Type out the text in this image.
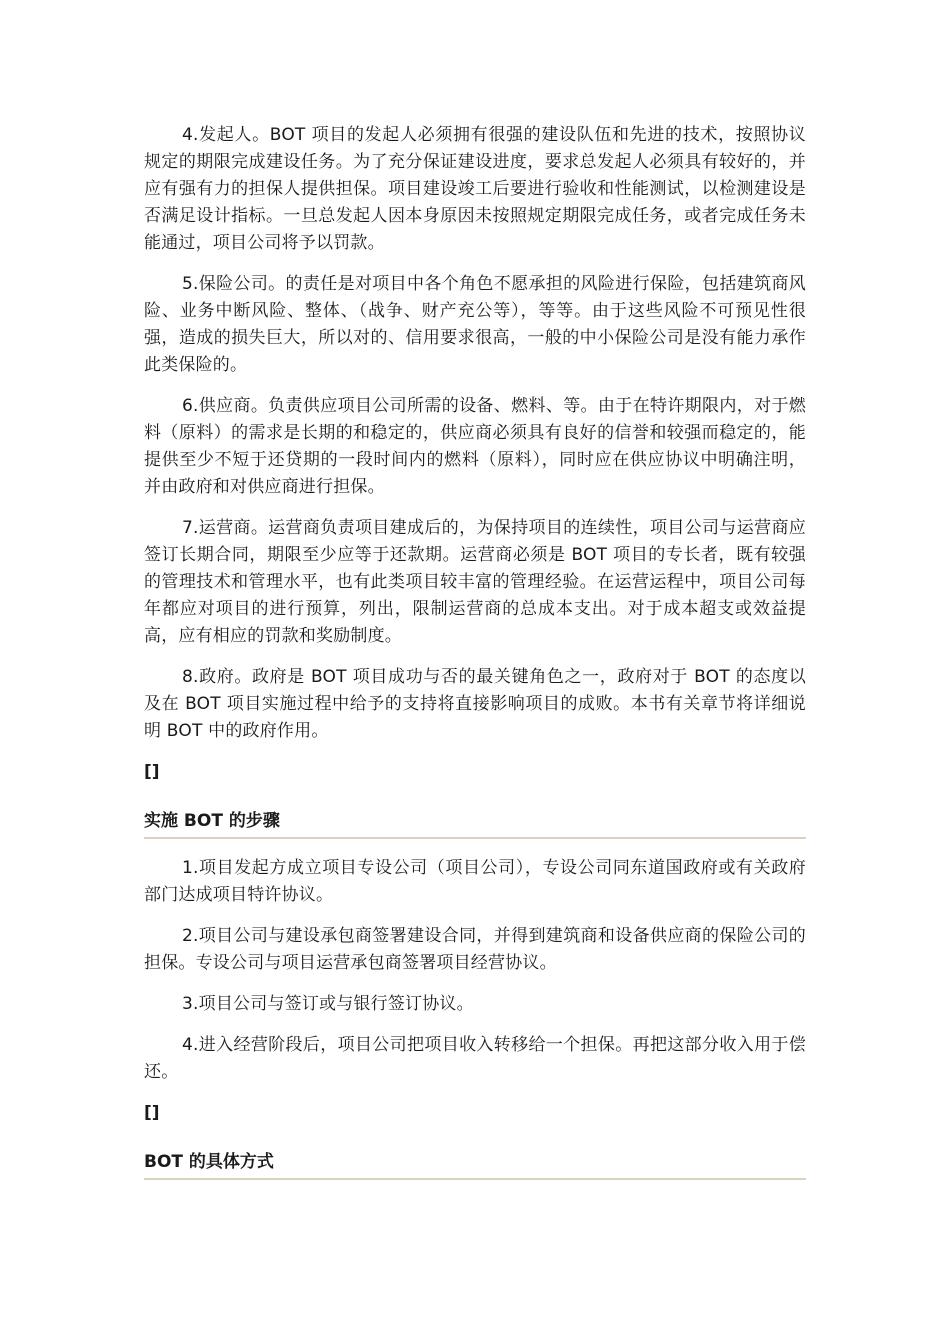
4.发起人。BOT 项目的发起人必须拥有很强的建设队伍和先进的技术，按照协议规定的期限完成建设任务。为了充分保证建设进度，要求总发起人必须具有较好的，并应有强有力的担保人提供担保。项目建设竣工后要进行验收和性能测试，以检测建设是否满足设计指标。一旦总发起人因本身原因未按照规定期限完成任务，或者完成任务未能通过，项目公司将予以罚款。

5.保险公司。的责任是对项目中各个角色不愿承担的风险进行保险，包括建筑商风险、业务中断风险、整体、（战争、财产充公等），等等。由于这些风险不可预见性很强，造成的损失巨大，所以对的、信用要求很高，一般的中小保险公司是没有能力承作此类保险的。

6.供应商。负责供应项目公司所需的设备、燃料、等。由于在特许期限内，对于燃料（原料）的需求是长期的和稳定的，供应商必须具有良好的信誉和较强而稳定的，能提供至少不短于还贷期的一段时间内的燃料（原料），同时应在供应协议中明确注明，并由政府和对供应商进行担保。

7.运营商。运营商负责项目建成后的，为保持项目的连续性，项目公司与运营商应签订长期合同，期限至少应等于还款期。运营商必须是 BOT 项目的专长者，既有较强的管理技术和管理水平，也有此类项目较丰富的管理经验。在运营运程中，项目公司每年都应对项目的进行预算，列出，限制运营商的总成本支出。对于成本超支或效益提高，应有相应的罚款和奖励制度。

8.政府。政府是 BOT 项目成功与否的最关键角色之一，政府对于 BOT 的态度以及在 BOT 项目实施过程中给予的支持将直接影响项目的成败。本书有关章节将详细说明 BOT 中的政府作用。

[]
实施 BOT 的步骤

1.项目发起方成立项目专设公司（项目公司），专设公司同东道国政府或有关政府部门达成项目特许协议。

2.项目公司与建设承包商签署建设合同，并得到建筑商和设备供应商的保险公司的担保。专设公司与项目运营承包商签署项目经营协议。

3.项目公司与签订或与银行签订协议。

4.进入经营阶段后，项目公司把项目收入转移给一个担保。再把这部分收入用于偿还。

[]
BOT 的具体方式
